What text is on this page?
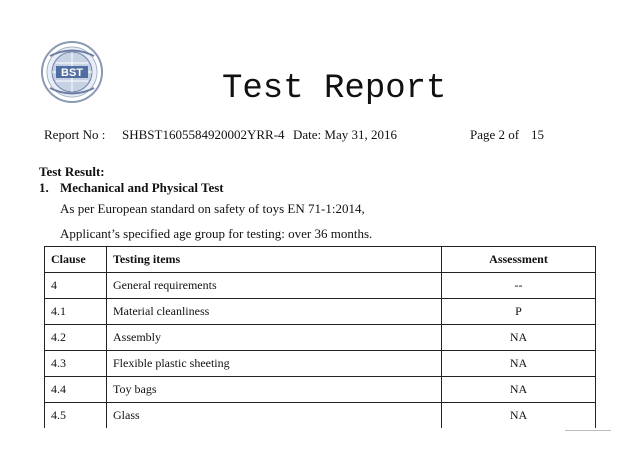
BST	Test Report
Report No : SHBST1605584920002YRR-4 Date: May 31, 2016	Page 2 of 15
Test Result:
1. Mechanical and Physical Test
As per European standard on safety of toys EN 71-1:2014,
Applicant’s specified age group for testing: over 36 months.
Clause	Testing items	Assessment
4	General requirements	--
4.1	Material cleanliness	P
4.2	Assembly	NA
4.3	Flexible plastic sheeting	NA
4.4	Toy bags	NA
4.5	Glass	NA
